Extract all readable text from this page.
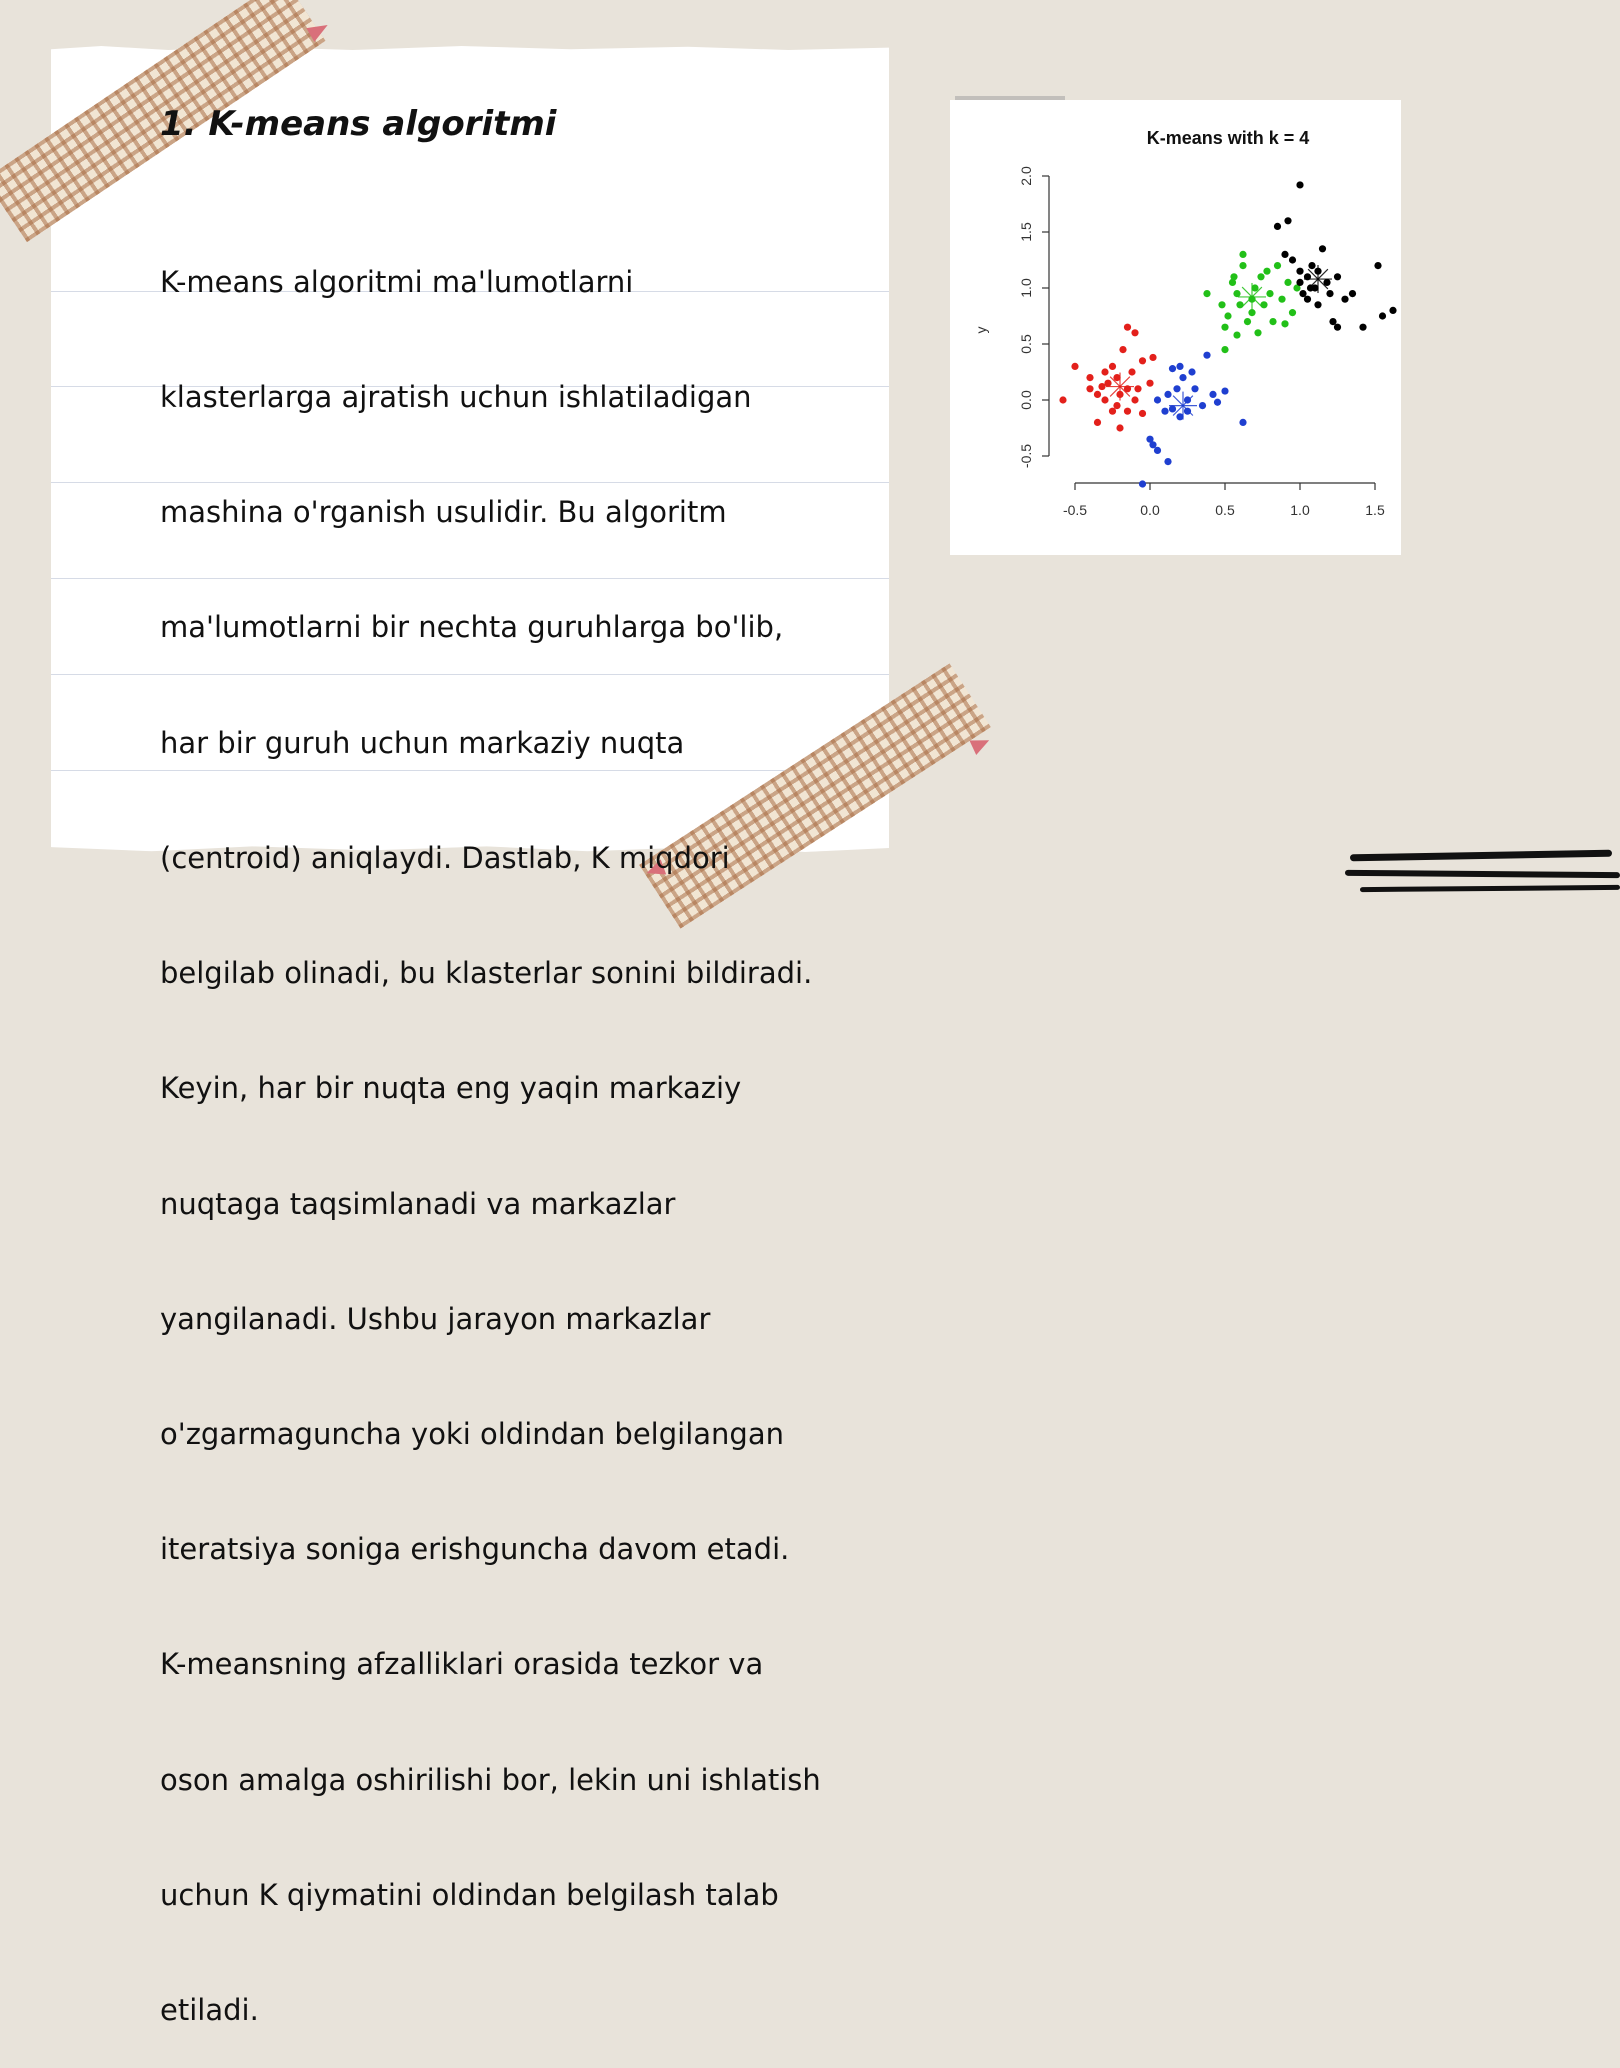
1. K-means algoritmi

K-means algoritmi ma'lumotlarni

klasterlarga ajratish uchun ishlatiladigan

mashina o'rganish usulidir. Bu algoritm

ma'lumotlarni bir nechta guruhlarga bo'lib,

har bir guruh uchun markaziy nuqta

(centroid) aniqlaydi. Dastlab, K miqdori

belgilab olinadi, bu klasterlar sonini bildiradi.

Keyin, har bir nuqta eng yaqin markaziy

nuqtaga taqsimlanadi va markazlar

yangilanadi. Ushbu jarayon markazlar

o'zgarmaguncha yoki oldindan belgilangan

iteratsiya soniga erishguncha davom etadi.

K-meansning afzalliklari orasida tezkor va

oson amalga oshirilishi bor, lekin uni ishlatish

uchun K qiymatini oldindan belgilash talab

etiladi.

K-means with k = 4
y
-0.5
0.0
0.5
1.0
1.5
2.0
-0.5	0.0	0.5	1.0	1.5
